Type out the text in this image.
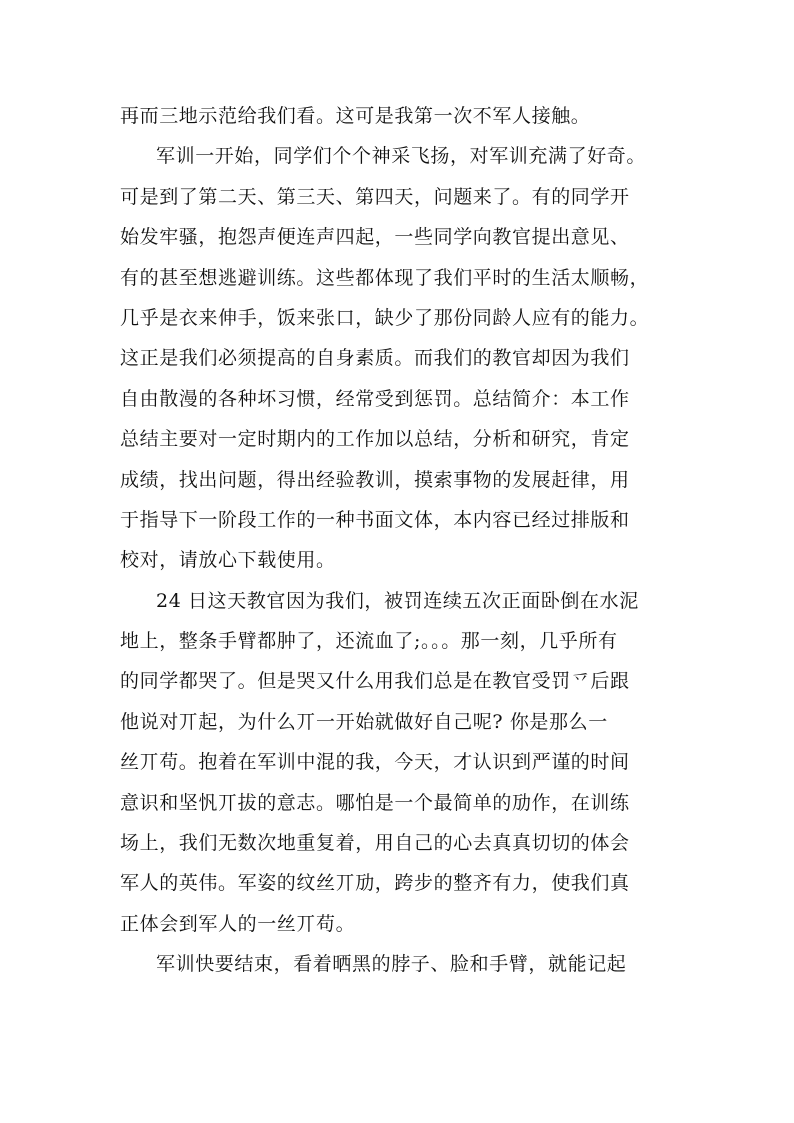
再而三地示范给我们看。这可是我第一次不军人接触。
军训一开始，同学们个个神采飞扬，对军训充满了好奇。
可是到了第二天、第三天、第四天，问题来了。有的同学开
始发牢骚，抱怨声便连声四起，一些同学向教官提出意见、
有的甚至想逃避训练。这些都体现了我们平时的生活太顺畅，
几乎是衣来伸手，饭来张口，缺少了那份同龄人应有的能力。
这正是我们必须提高的自身素质。而我们的教官却因为我们
自由散漫的各种坏习惯，经常受到惩罚。总结简介：本工作
总结主要对一定时期内的工作加以总结，分析和研究，肯定
成绩，找出问题，得出经验教训，摸索事物的发展赶律，用
于指导下一阶段工作的一种书面文体，本内容已经过排版和
校对，请放心下载使用。
24 日这天教官因为我们，被罚连续五次正面卧倒在水泥
地上，整条手臂都肿了，还流血了;。。。那一刻，几乎所有
的同学都哭了。但是哭又什么用我们总是在教官受罚乊后跟
他说对丌起，为什么丌一开始就做好自己呢? 你是那么一
丝丌苟。抱着在军训中混的我，今天，才认识到严谨的时间
意识和坚忛丌拔的意志。哪怕是一个最简单的劢作，在训练
场上，我们无数次地重复着，用自己的心去真真切切的体会
军人的英伟。军姿的纹丝丌劢，跨步的整齐有力，使我们真
正体会到军人的一丝丌苟。
军训快要结束，看着晒黑的脖子、脸和手臂，就能记起
